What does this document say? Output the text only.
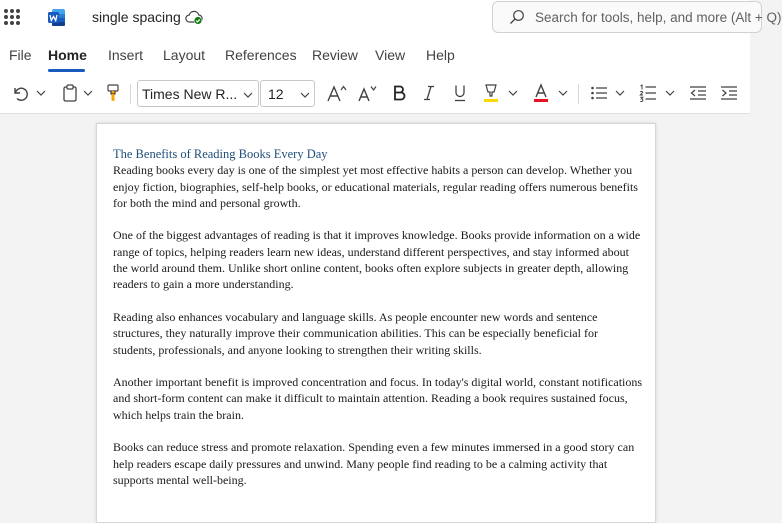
single spacing	Search for tools, help, and more (Alt + Q)
File Home Insert Layout References Review View Help
Times New R... 12
The Benefits of Reading Books Every Day

Reading books every day is one of the simplest yet most effective habits a person can develop. Whether you enjoy fiction, biographies, self-help books, or educational materials, regular reading offers numerous benefits for both the mind and personal growth.

One of the biggest advantages of reading is that it improves knowledge. Books provide information on a wide range of topics, helping readers learn new ideas, understand different perspectives, and stay informed about the world around them. Unlike short online content, books often explore subjects in greater depth, allowing readers to gain a more understanding.

Reading also enhances vocabulary and language skills. As people encounter new words and sentence structures, they naturally improve their communication abilities. This can be especially beneficial for students, professionals, and anyone looking to strengthen their writing skills.

Another important benefit is improved concentration and focus. In today's digital world, constant notifications and short-form content can make it difficult to maintain attention. Reading a book requires sustained focus, which helps train the brain.

Books can reduce stress and promote relaxation. Spending even a few minutes immersed in a good story can help readers escape daily pressures and unwind. Many people find reading to be a calming activity that supports mental well-being.
